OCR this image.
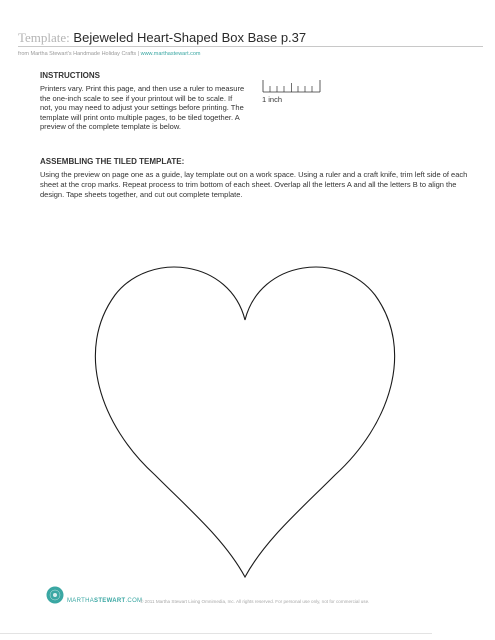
Template: Bejeweled Heart-Shaped Box Base p.37
from Martha Stewart's Handmade Holiday Crafts | www.marthastewart.com
INSTRUCTIONS
Printers vary. Print this page, and then use a ruler to measure the one-inch scale to see if your printout will be to scale. If not, you may need to adjust your settings before printing. The template will print onto multiple pages, to be tiled together. A preview of the complete template is below.
1 inch
ASSEMBLING THE TILED TEMPLATE:
Using the preview on page one as a guide, lay template out on a work space. Using a ruler and a craft knife, trim left side of each sheet at the crop marks. Repeat process to trim bottom of each sheet. Overlap all the letters A and all the letters B to align the design. Tape sheets together, and cut out complete template.
MARTHASTEWART.COM
© 2011 Martha Stewart Living Omnimedia, Inc. All rights reserved. For personal use only, not for commercial use.
